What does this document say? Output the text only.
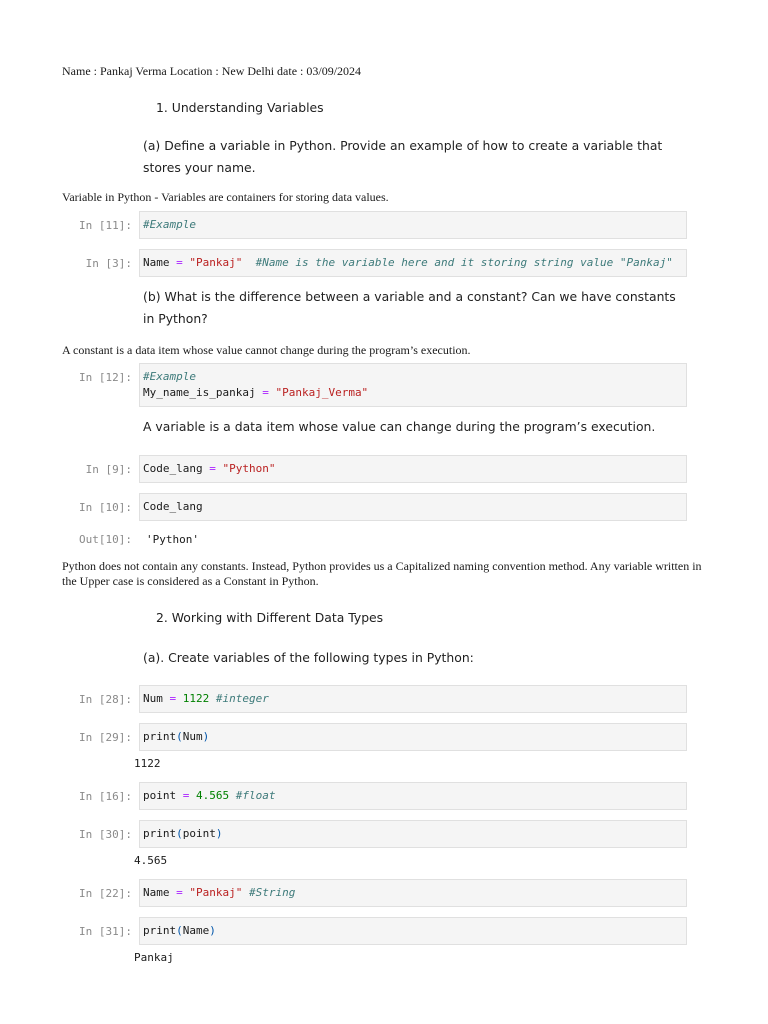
Name : Pankaj Verma Location : New Delhi date : 03/09/2024
1. Understanding Variables
(a) Define a variable in Python. Provide an example of how to create a variable that stores your name.
Variable in Python - Variables are containers for storing data values.
In [11]:	#Example
In [3]:	Name = "Pankaj" #Name is the variable here and it storing string value "Pankaj"
(b) What is the difference between a variable and a constant? Can we have constants in Python?
A constant is a data item whose value cannot change during the program’s execution.
In [12]:	#Example
My_name_is_pankaj = "Pankaj_Verma"
A variable is a data item whose value can change during the program’s execution.
In [9]:	Code_lang = "Python"
In [10]:	Code_lang
Out[10]: 'Python'
Python does not contain any constants. Instead, Python provides us a Capitalized naming convention method. Any variable written in the Upper case is considered as a Constant in Python.
2. Working with Different Data Types
(a). Create variables of the following types in Python:
In [28]:	Num = 1122 #integer
In [29]:	print(Num)
1122
In [16]:	point = 4.565 #float
In [30]:	print(point)
4.565
In [22]:	Name = "Pankaj" #String
In [31]:	print(Name)
Pankaj
